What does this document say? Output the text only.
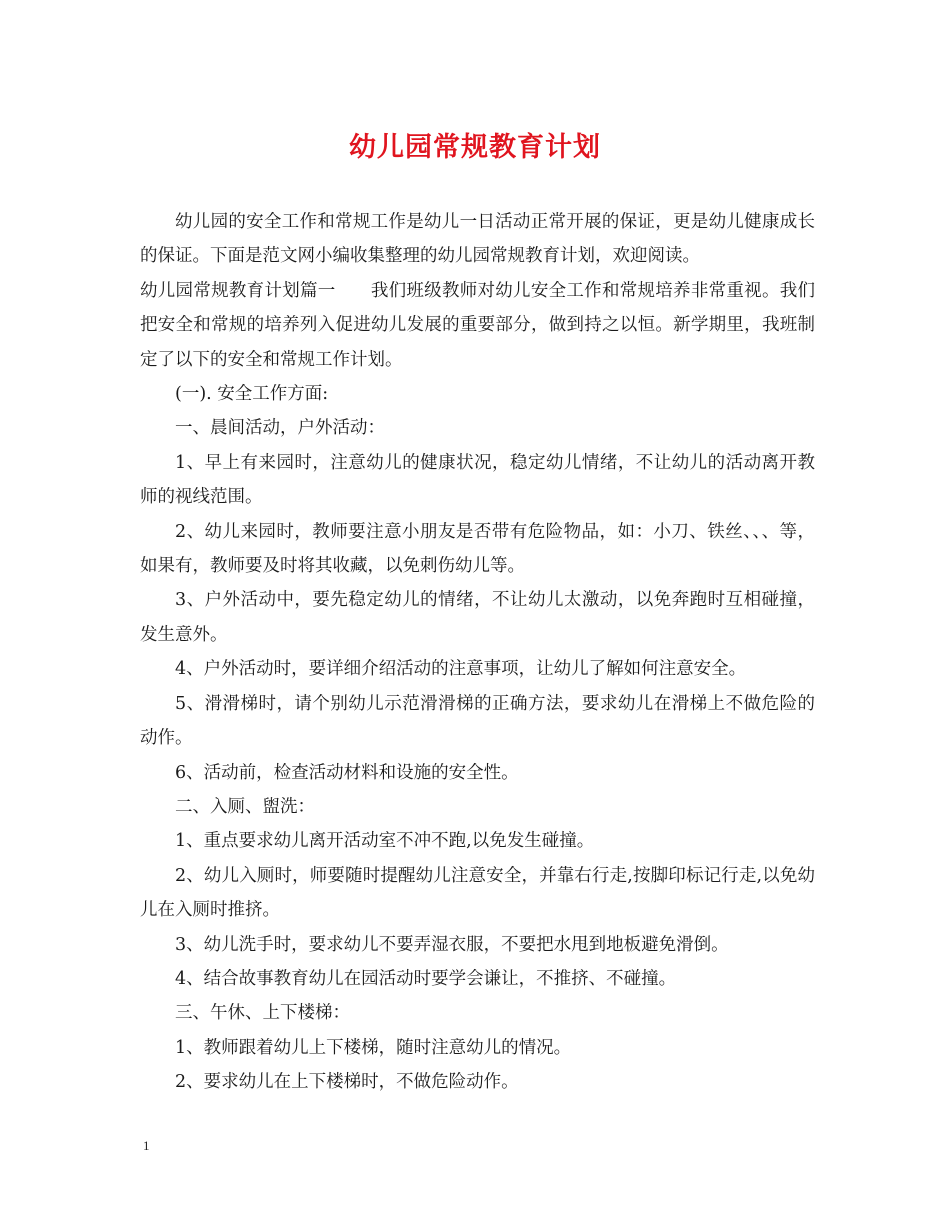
幼儿园常规教育计划

幼儿园的安全工作和常规工作是幼儿一日活动正常开展的保证，更是幼儿健康成长的保证。下面是范文网小编收集整理的幼儿园常规教育计划，欢迎阅读。

幼儿园常规教育计划篇一 我们班级教师对幼儿安全工作和常规培养非常重视。我们把安全和常规的培养列入促进幼儿发展的重要部分，做到持之以恒。新学期里，我班制定了以下的安全和常规工作计划。

(一). 安全工作方面:

一、晨间活动，户外活动：

1、早上有来园时，注意幼儿的健康状况，稳定幼儿情绪，不让幼儿的活动离开教师的视线范围。

2、幼儿来园时，教师要注意小朋友是否带有危险物品，如：小刀、铁丝、、、等，如果有，教师要及时将其收藏，以免刺伤幼儿等。

3、户外活动中，要先稳定幼儿的情绪，不让幼儿太激动，以免奔跑时互相碰撞，发生意外。

4、户外活动时，要详细介绍活动的注意事项，让幼儿了解如何注意安全。

5、滑滑梯时，请个别幼儿示范滑滑梯的正确方法，要求幼儿在滑梯上不做危险的动作。

6、活动前，检查活动材料和设施的安全性。

二、入厕、盥洗：

1、重点要求幼儿离开活动室不冲不跑,以免发生碰撞。

2、幼儿入厕时，师要随时提醒幼儿注意安全，并靠右行走,按脚印标记行走,以免幼儿在入厕时推挤。

3、幼儿洗手时，要求幼儿不要弄湿衣服，不要把水甩到地板避免滑倒。

4、结合故事教育幼儿在园活动时要学会谦让，不推挤、不碰撞。

三、午休、上下楼梯：

1、教师跟着幼儿上下楼梯，随时注意幼儿的情况。

2、要求幼儿在上下楼梯时，不做危险动作。

1
